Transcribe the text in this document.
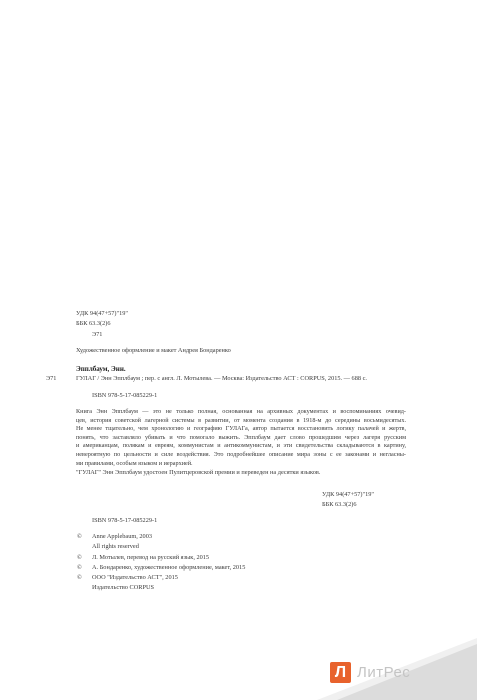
УДК 94(47+57)"19"
ББК 63.3(2)6
Э71
Художественное оформление и макет Андрея Бондаренко
Эпплбаум, Энн.
Э71	ГУЛАГ / Энн Эпплбаум ; пер. с англ. Л. Мотылева. — Москва: Издательство АСТ : CORPUS, 2015. — 688 с.
ISBN 978-5-17-085229-1
Книга Энн Эпплбаум — это не только полная, основанная на архивных документах и воспоминаниях очевид-
цев, история советской лагерной системы в развитии, от момента создания в 1918-м до середины восьмидесятых.
Не менее тщательно, чем хронологию и географию ГУЛАГа, автор пытается восстановить логику палачей и жертв,
понять, что заставляло убивать и что помогало выжить. Эпплбаум дает слово прошедшим через лагеря русским
и американцам, полякам и евреям, коммунистам и антикоммунистам, и эти свидетельства складываются в картину,
невероятную по цельности и силе воздействия. Это подробнейшее описание мира зоны с ее законами и негласны-
ми правилами, особым языком и иерархией.
"ГУЛАГ" Энн Эпплбаум удостоен Пулитцеровской премии и переведен на десятки языков.
УДК 94(47+57)"19"
ББК 63.3(2)6
ISBN 978-5-17-085229-1
© Anne Applebaum, 2003
All rights reserved
© Л. Мотылев, перевод на русский язык, 2015
© А. Бондаренко, художественное оформление, макет, 2015
© ООО "Издательство АСТ", 2015
Издательство CORPUS
Л ЛитРес
